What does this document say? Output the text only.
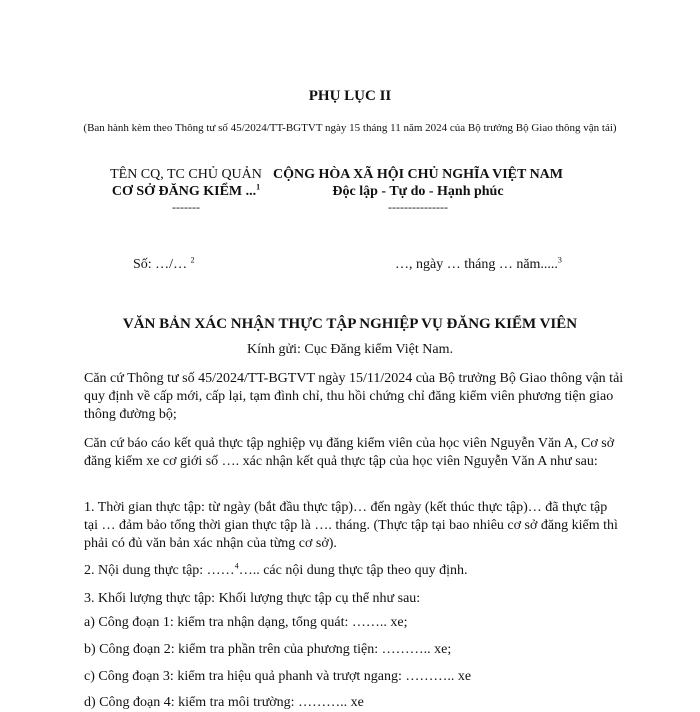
PHỤ LỤC II
(Ban hành kèm theo Thông tư số 45/2024/TT-BGTVT ngày 15 tháng 11 năm 2024 của Bộ trưởng Bộ Giao thông vận tải)
TÊN CQ, TC CHỦ QUẢN
CƠ SỞ ĐĂNG KIỂM ...$^1$
-------
CỘNG HÒA XÃ HỘI CHỦ NGHĨA VIỆT NAM
Độc lập - Tự do - Hạnh phúc
---------------
Số: …/… $^2$	…, ngày … tháng … năm.....$^3$
VĂN BẢN XÁC NHẬN THỰC TẬP NGHIỆP VỤ ĐĂNG KIỂM VIÊN
Kính gửi: Cục Đăng kiểm Việt Nam.
Căn cứ Thông tư số 45/2024/TT-BGTVT ngày 15/11/2024 của Bộ trưởng Bộ Giao thông vận tải quy định về cấp mới, cấp lại, tạm đình chỉ, thu hồi chứng chỉ đăng kiểm viên phương tiện giao thông đường bộ;
Căn cứ báo cáo kết quả thực tập nghiệp vụ đăng kiểm viên của học viên Nguyễn Văn A, Cơ sở đăng kiểm xe cơ giới số …. xác nhận kết quả thực tập của học viên Nguyễn Văn A như sau:
1. Thời gian thực tập: từ ngày (bắt đầu thực tập)… đến ngày (kết thúc thực tập)… đã thực tập tại … đảm bảo tổng thời gian thực tập là …. tháng. (Thực tập tại bao nhiêu cơ sở đăng kiểm thì phải có đủ văn bản xác nhận của từng cơ sở).
2. Nội dung thực tập: ……$^4$….. các nội dung thực tập theo quy định.
3. Khối lượng thực tập: Khối lượng thực tập cụ thể như sau:
a) Công đoạn 1: kiểm tra nhận dạng, tổng quát: …….. xe;
b) Công đoạn 2: kiểm tra phần trên của phương tiện: ……….. xe;
c) Công đoạn 3: kiểm tra hiệu quả phanh và trượt ngang: ……….. xe
d) Công đoạn 4: kiểm tra môi trường: ……….. xe
